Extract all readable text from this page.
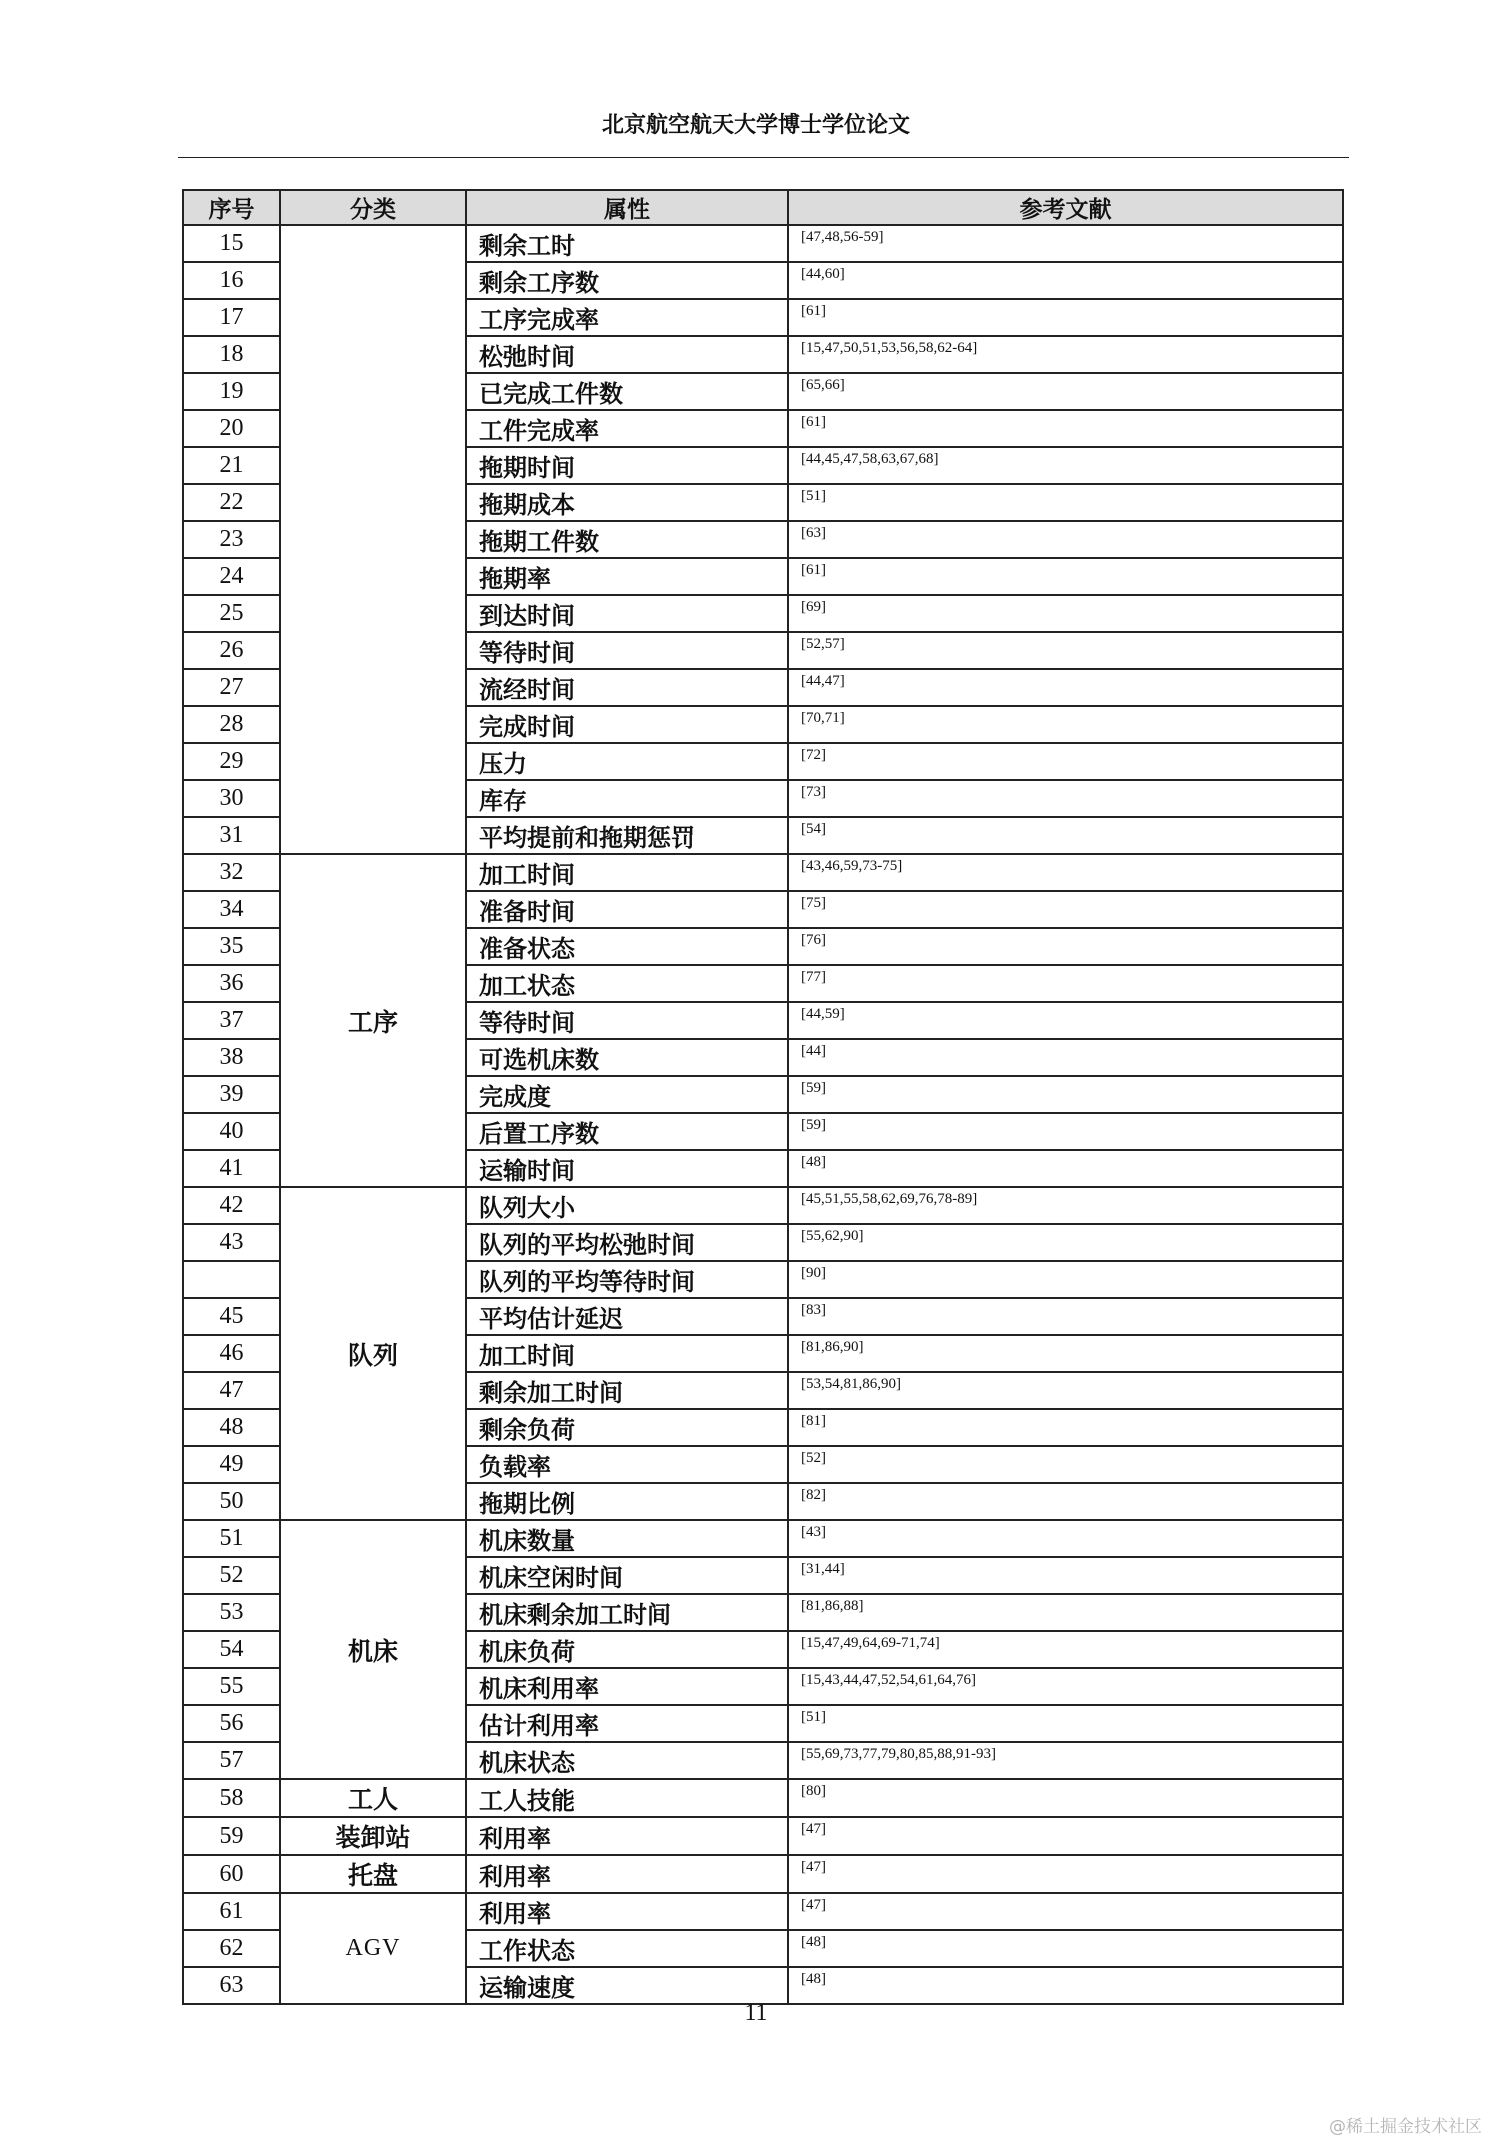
北京航空航天大学博士学位论文
序号	分类	属性	参考文献
15		剩余工时	[47,48,56-59]
16		剩余工序数	[44,60]
17		工序完成率	[61]
18		松弛时间	[15,47,50,51,53,56,58,62-64]
19		已完成工件数	[65,66]
20		工件完成率	[61]
21		拖期时间	[44,45,47,58,63,67,68]
22		拖期成本	[51]
23		拖期工件数	[63]
24		拖期率	[61]
25		到达时间	[69]
26		等待时间	[52,57]
27		流经时间	[44,47]
28		完成时间	[70,71]
29		压力	[72]
30		库存	[73]
31		平均提前和拖期惩罚	[54]
32	工序	加工时间	[43,46,59,73-75]
34		准备时间	[75]
35		准备状态	[76]
36		加工状态	[77]
37		等待时间	[44,59]
38		可选机床数	[44]
39		完成度	[59]
40		后置工序数	[59]
41		运输时间	[48]
42	队列	队列大小	[45,51,55,58,62,69,76,78-89]
43		队列的平均松弛时间	[55,62,90]
		队列的平均等待时间	[90]
45		平均估计延迟	[83]
46		加工时间	[81,86,90]
47		剩余加工时间	[53,54,81,86,90]
48		剩余负荷	[81]
49		负载率	[52]
50		拖期比例	[82]
51	机床	机床数量	[43]
52		机床空闲时间	[31,44]
53		机床剩余加工时间	[81,86,88]
54		机床负荷	[15,47,49,64,69-71,74]
55		机床利用率	[15,43,44,47,52,54,61,64,76]
56		估计利用率	[51]
57		机床状态	[55,69,73,77,79,80,85,88,91-93]
58	工人	工人技能	[80]
59	装卸站	利用率	[47]
60	托盘	利用率	[47]
61	AGV	利用率	[47]
62		工作状态	[48]
63		运输速度	[48]
11
@稀土掘金技术社区
